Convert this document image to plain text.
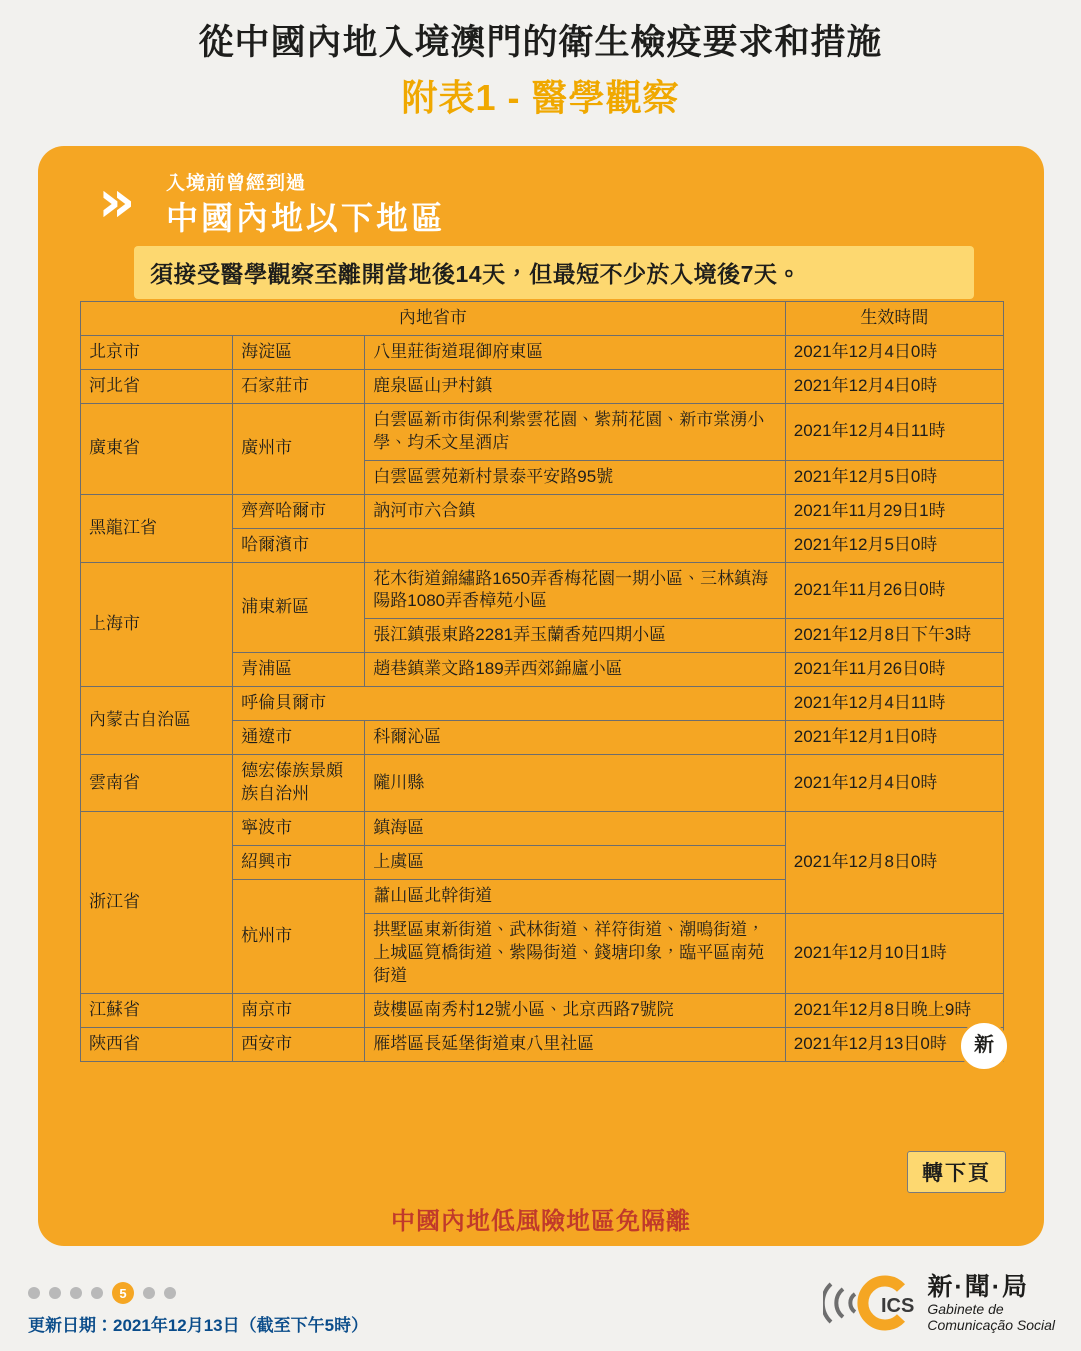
從中國內地入境澳門的衛生檢疫要求和措施
附表1 - 醫學觀察
»	入境前曾經到過
中國內地以下地區
須接受醫學觀察至離開當地後14天，但最短不少於入境後7天。
內地省市			生效時間
北京市	海淀區	八里莊街道琨御府東區	2021年12月4日0時
河北省	石家莊市	鹿泉區山尹村鎮	2021年12月4日0時
廣東省	廣州市	白雲區新市街保利紫雲花園、紫荊花園、新市棠湧小學、均禾文星酒店	2021年12月4日11時
		白雲區雲苑新村景泰平安路95號	2021年12月5日0時
黑龍江省	齊齊哈爾市	訥河市六合鎮	2021年11月29日1時
	哈爾濱市		2021年12月5日0時
上海市	浦東新區	花木街道錦繡路1650弄香梅花園一期小區、三林鎮海陽路1080弄香樟苑小區	2021年11月26日0時
		張江鎮張東路2281弄玉蘭香苑四期小區	2021年12月8日下午3時
	青浦區	趙巷鎮業文路189弄西郊錦廬小區	2021年11月26日0時
內蒙古自治區	呼倫貝爾市		2021年12月4日11時
	通遼市	科爾沁區	2021年12月1日0時
雲南省	德宏傣族景頗族自治州	隴川縣	2021年12月4日0時
浙江省	寧波市	鎮海區	2021年12月8日0時
	紹興市	上虞區	
	杭州市	蕭山區北幹街道	
		拱墅區東新街道、武林街道、祥符街道、潮鳴街道，上城區筧橋街道、紫陽街道、錢塘印象，臨平區南苑街道	2021年12月10日1時
江蘇省	南京市	鼓樓區南秀村12號小區、北京西路7號院	2021年12月8日晚上9時
陝西省	西安市	雁塔區長延堡街道東八里社區	2021年12月13日0時 新
轉下頁
中國內地低風險地區免隔離
5
更新日期：2021年12月13日（截至下午5時）
ICS
新·聞·局
Gabinete de
Comunicação Social
